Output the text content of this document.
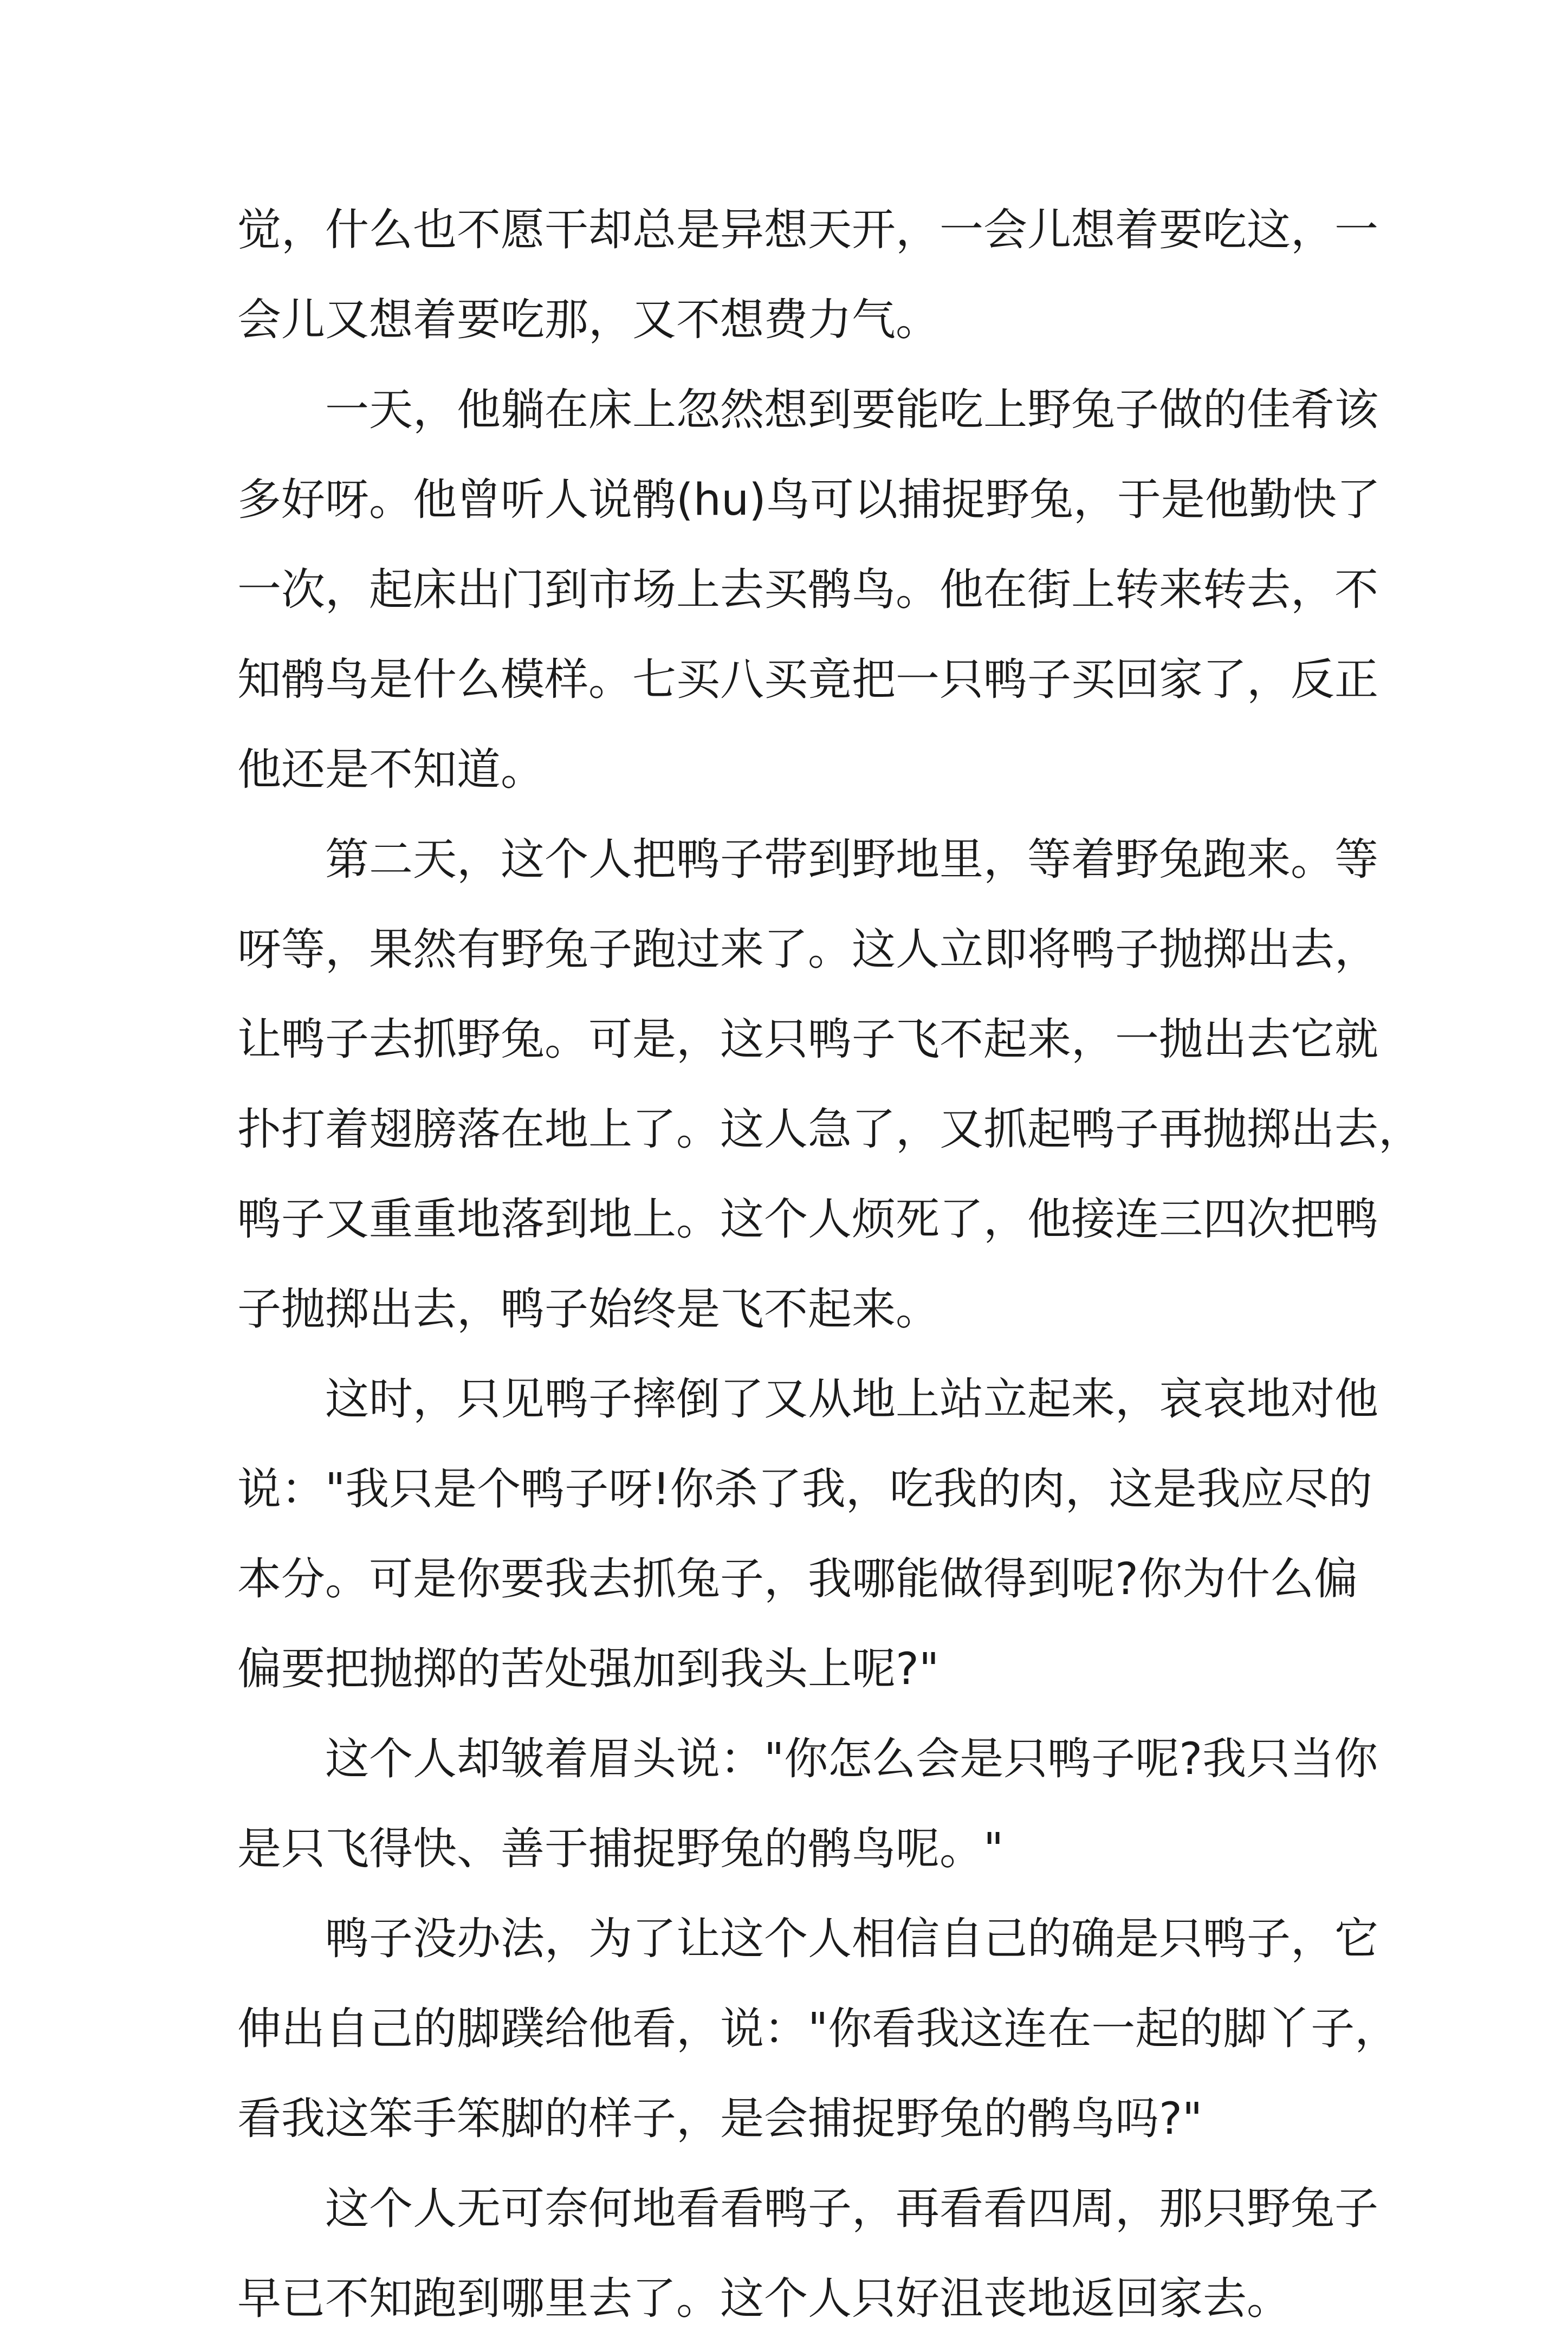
觉，什么也不愿干却总是异想天开，一会儿想着要吃这，一
会儿又想着要吃那，又不想费力气。
一天，他躺在床上忽然想到要能吃上野兔子做的佳肴该
多好呀。他曾听人说鹘(hu)鸟可以捕捉野兔，于是他勤快了
一次，起床出门到市场上去买鹘鸟。他在街上转来转去，不
知鹘鸟是什么模样。七买八买竟把一只鸭子买回家了，反正
他还是不知道。
第二天，这个人把鸭子带到野地里，等着野兔跑来。等
呀等，果然有野兔子跑过来了。这人立即将鸭子抛掷出去，
让鸭子去抓野兔。可是，这只鸭子飞不起来，一抛出去它就
扑打着翅膀落在地上了。这人急了，又抓起鸭子再抛掷出去，
鸭子又重重地落到地上。这个人烦死了，他接连三四次把鸭
子抛掷出去，鸭子始终是飞不起来。
这时，只见鸭子摔倒了又从地上站立起来，哀哀地对他
说："我只是个鸭子呀!你杀了我，吃我的肉，这是我应尽的
本分。可是你要我去抓兔子，我哪能做得到呢?你为什么偏
偏要把抛掷的苦处强加到我头上呢?"
这个人却皱着眉头说："你怎么会是只鸭子呢?我只当你
是只飞得快、善于捕捉野兔的鹘鸟呢。"
鸭子没办法，为了让这个人相信自己的确是只鸭子，它
伸出自己的脚蹼给他看，说："你看我这连在一起的脚丫子，
看我这笨手笨脚的样子，是会捕捉野兔的鹘鸟吗?"
这个人无可奈何地看看鸭子，再看看四周，那只野兔子
早已不知跑到哪里去了。这个人只好沮丧地返回家去。
